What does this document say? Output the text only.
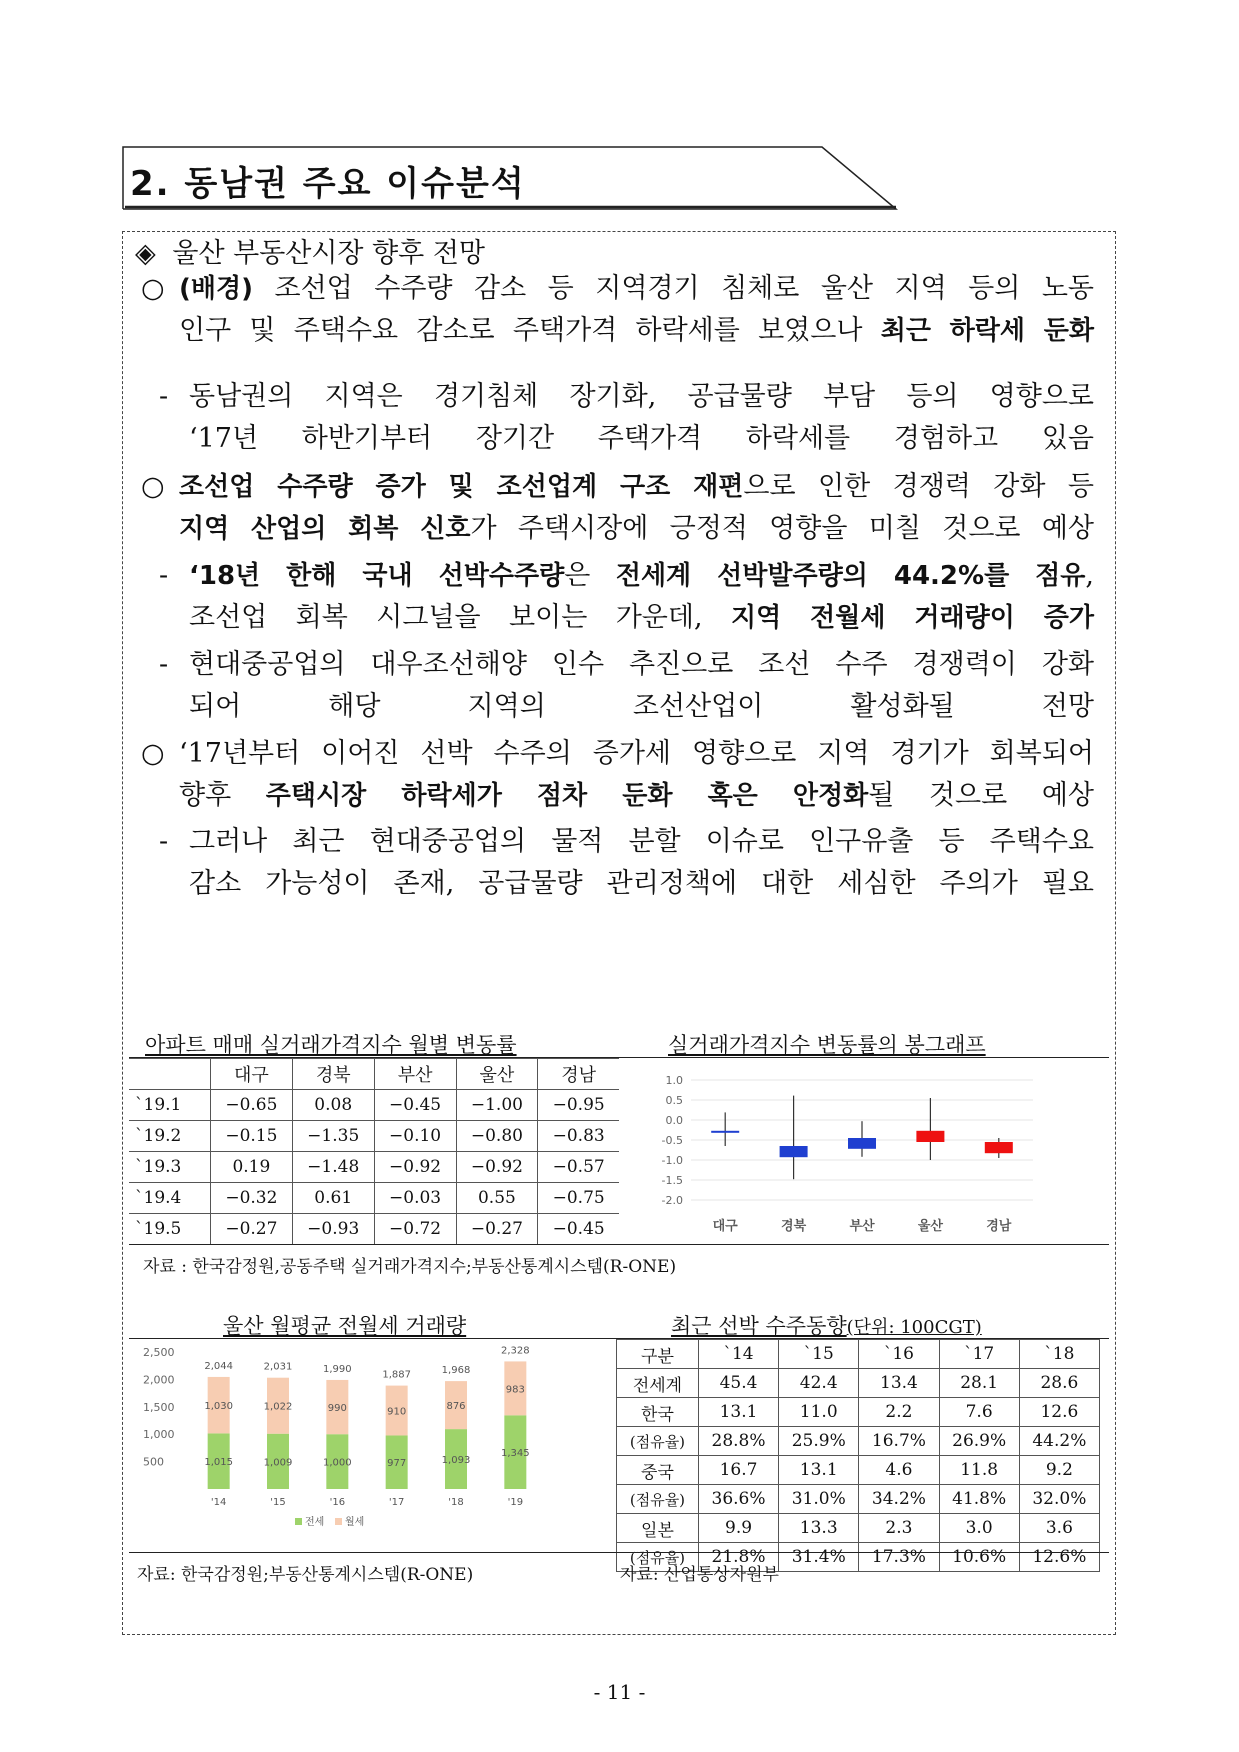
2. 동남권 주요 이슈분석
◈ 울산 부동산시장 향후 전망
○ (배경) 조선업 수주량 감소 등 지역경기 침체로 울산 지역 등의 노동
인구 및 주택수요 감소로 주택가격 하락세를 보였으나 최근 하락세 둔화
- 동남권의 지역은 경기침체 장기화, 공급물량 부담 등의 영향으로
‘17년 하반기부터 장기간 주택가격 하락세를 경험하고 있음
○ 조선업 수주량 증가 및 조선업계 구조 재편으로 인한 경쟁력 강화 등
지역 산업의 회복 신호가 주택시장에 긍정적 영향을 미칠 것으로 예상
- ‘18년 한해 국내 선박수주량은 전세계 선박발주량의 44.2%를 점유,
조선업 회복 시그널을 보이는 가운데, 지역 전월세 거래량이 증가
- 현대중공업의 대우조선해양 인수 추진으로 조선 수주 경쟁력이 강화
되어 해당 지역의 조선산업이 활성화될 전망
○ ‘17년부터 이어진 선박 수주의 증가세 영향으로 지역 경기가 회복되어
향후 주택시장 하락세가 점차 둔화 혹은 안정화될 것으로 예상
- 그러나 최근 현대중공업의 물적 분할 이슈로 인구유출 등 주택수요
감소 가능성이 존재, 공급물량 관리정책에 대한 세심한 주의가 필요
아파트 매매 실거래가격지수 월별 변동률	실거래가격지수 변동률의 봉그래프
	대구	경북	부산	울산	경남
`19.1	−0.65	0.08	−0.45	−1.00	−0.95
`19.2	−0.15	−1.35	−0.10	−0.80	−0.83
`19.3	0.19	−1.48	−0.92	−0.92	−0.57
`19.4	−0.32	0.61	−0.03	0.55	−0.75
`19.5	−0.27	−0.93	−0.72	−0.27	−0.45
1.0
0.5
0.0
-0.5
-1.0
-1.5
-2.0
대구	경북	부산	울산	경남
자료 : 한국감정원,공동주택 실거래가격지수;부동산통계시스템(R-ONE)
울산 월평균 전월세 거래량	최근 선박 수주동향(단위: 100CGT)
2,500
2,000
1,500
1,000
500	1,015
1,030
2,044
'14
1,009
1,022
2,031
'15
1,000
990
1,990
'16
977
910
1,887
'17
1,093
876
1,968
'18
1,345
983
2,328
'19
전세 월세
구분	`14	`15	`16	`17	`18
전세계	45.4	42.4	13.4	28.1	28.6
한국	13.1	11.0	2.2	7.6	12.6
(점유율)	28.8%	25.9%	16.7%	26.9%	44.2%
중국	16.7	13.1	4.6	11.8	9.2
(점유율)	36.6%	31.0%	34.2%	41.8%	32.0%
일본	9.9	13.3	2.3	3.0	3.6
(점유율)	21.8%	31.4%	17.3%	10.6%	12.6%
자료: 한국감정원;부동산통계시스템(R-ONE)	자료: 산업통상자원부
- 11 -
